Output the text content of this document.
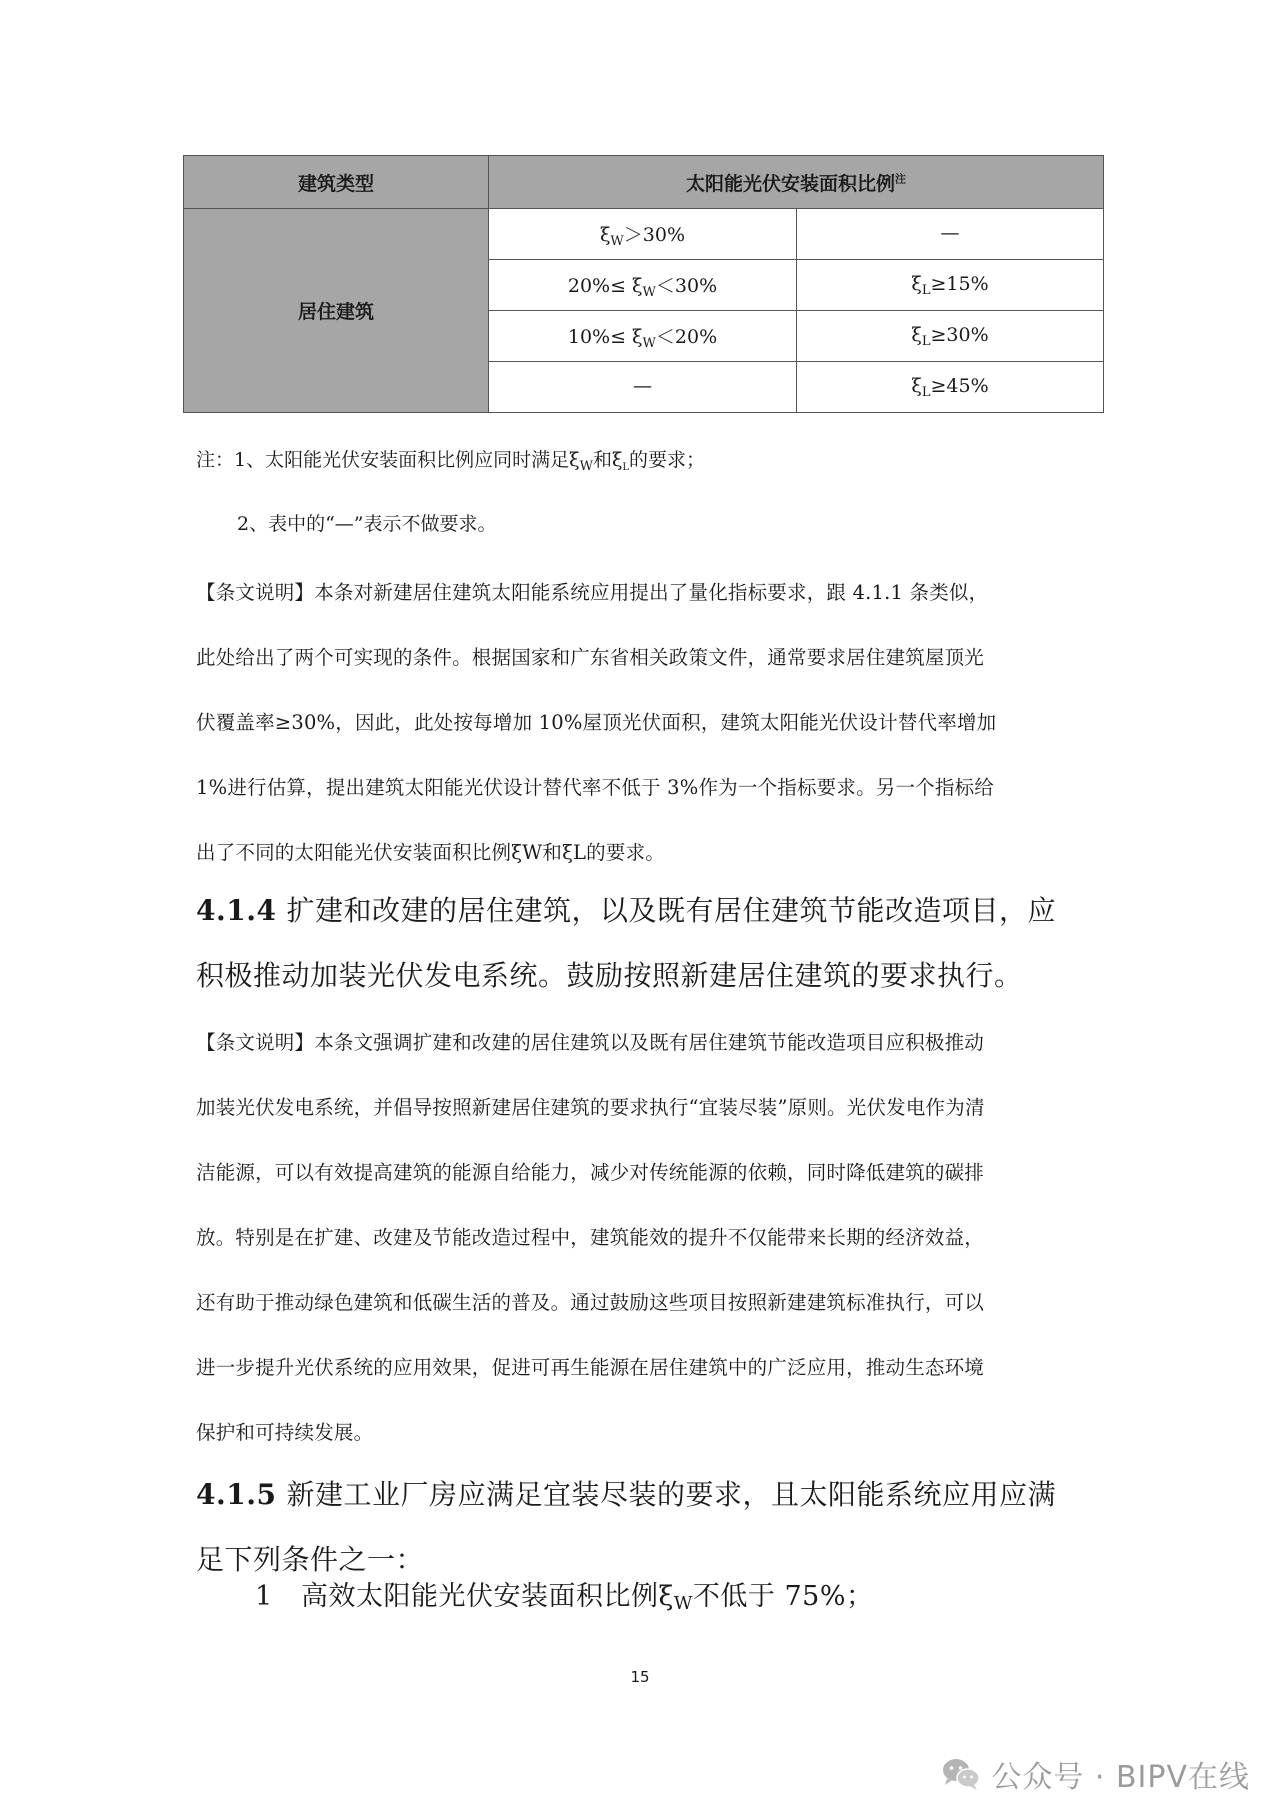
建筑类型	太阳能光伏安装面积比例$^注$
居住建筑	$\xi_W>30\%$	—
	$20\%\le \xi_W<30\%$	$\xi_L\ge 15\%$
	$10\%\le \xi_W<20\%$	$\xi_L\ge 30\%$
	—	$\xi_L\ge 45\%$

注：1、太阳能光伏安装面积比例应同时满足$\xi_W$和$\xi_L$的要求；

2、表中的“—”表示不做要求。

【条文说明】本条对新建居住建筑太阳能系统应用提出了量化指标要求，跟 4.1.1 条类似，

此处给出了两个可实现的条件。根据国家和广东省相关政策文件，通常要求居住建筑屋顶光

伏覆盖率≥30%，因此，此处按每增加 10%屋顶光伏面积，建筑太阳能光伏设计替代率增加

1%进行估算，提出建筑太阳能光伏设计替代率不低于 3%作为一个指标要求。另一个指标给

出了不同的太阳能光伏安装面积比例ξW和ξL的要求。

4.1.4 扩建和改建的居住建筑，以及既有居住建筑节能改造项目，应
积极推动加装光伏发电系统。鼓励按照新建居住建筑的要求执行。

【条文说明】本条文强调扩建和改建的居住建筑以及既有居住建筑节能改造项目应积极推动

加装光伏发电系统，并倡导按照新建居住建筑的要求执行“宜装尽装”原则。光伏发电作为清

洁能源，可以有效提高建筑的能源自给能力，减少对传统能源的依赖，同时降低建筑的碳排

放。特别是在扩建、改建及节能改造过程中，建筑能效的提升不仅能带来长期的经济效益，

还有助于推动绿色建筑和低碳生活的普及。通过鼓励这些项目按照新建建筑标准执行，可以

进一步提升光伏系统的应用效果，促进可再生能源在居住建筑中的广泛应用，推动生态环境

保护和可持续发展。

4.1.5 新建工业厂房应满足宜装尽装的要求，且太阳能系统应用应满
足下列条件之一：

1 高效太阳能光伏安装面积比例$\xi_W$不低于 75%；

15

公众号 · BIPV在线
